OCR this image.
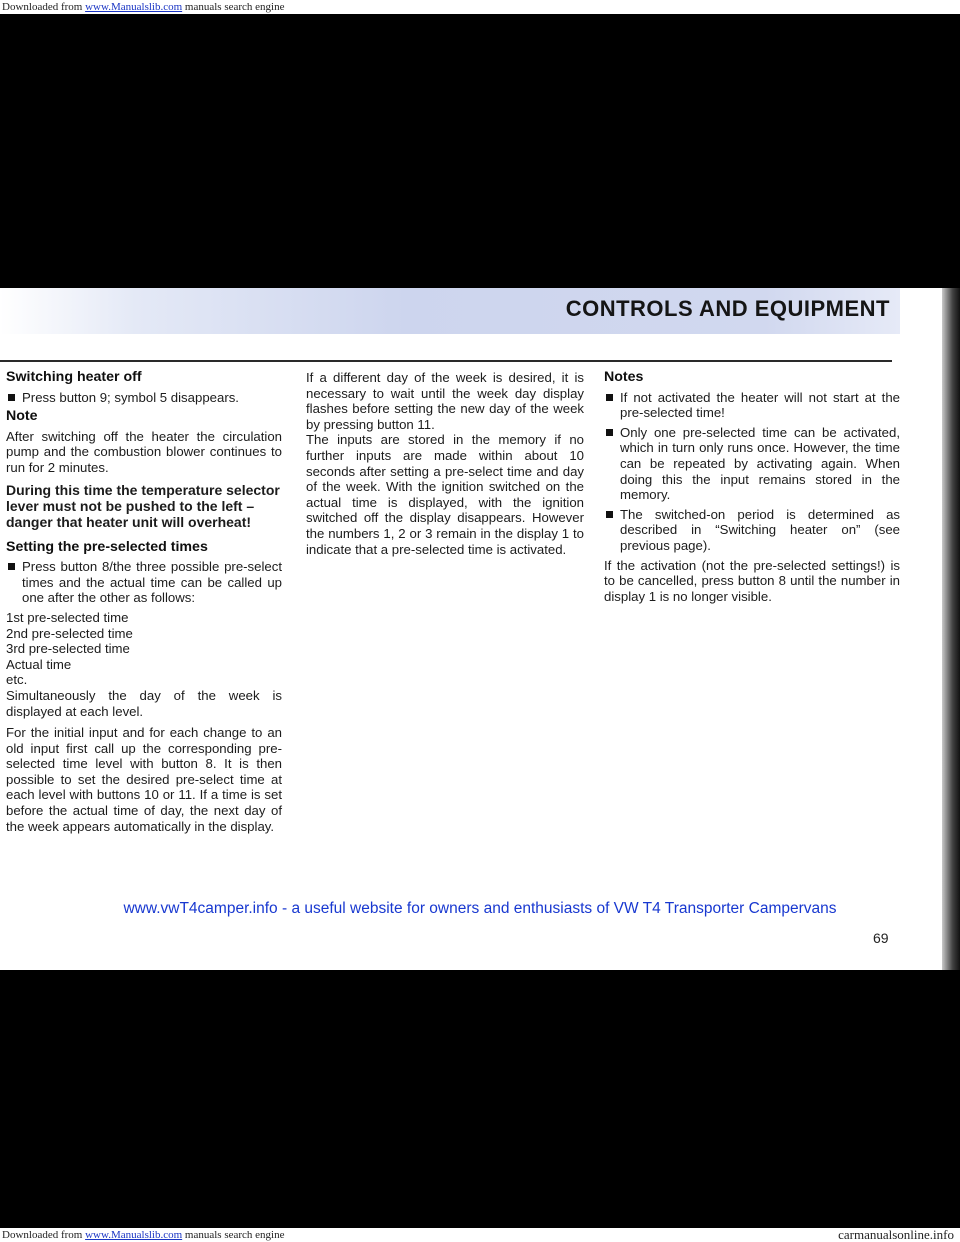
Downloaded from www.Manualslib.com manuals search engine
CONTROLS AND EQUIPMENT
Switching heater off
Press button 9; symbol 5 disappears.
Note
After switching off the heater the circulation pump and the combustion blower continues to run for 2 minutes.
During this time the temperature selector lever must not be pushed to the left – danger that heater unit will overheat!
Setting the pre-selected times
Press button 8/the three possible pre-select times and the actual time can be called up one after the other as follows:
1st pre-selected time
2nd pre-selected time
3rd pre-selected time
Actual time
etc.
Simultaneously the day of the week is displayed at each level.
For the initial input and for each change to an old input first call up the corresponding pre-selected time level with button 8. It is then possible to set the desired pre-select time at each level with buttons 10 or 11. If a time is set before the actual time of day, the next day of the week appears automatically in the display.
If a different day of the week is desired, it is necessary to wait until the week day display flashes before setting the new day of the week by pressing button 11.
The inputs are stored in the memory if no further inputs are made within about 10 seconds after setting a pre-select time and day of the week. With the ignition switched on the actual time is displayed, with the ignition switched off the display disappears. However the numbers 1, 2 or 3 remain in the display 1 to indicate that a pre-selected time is activated.
Notes
If not activated the heater will not start at the pre-selected time!
Only one pre-selected time can be activated, which in turn only runs once. However, the time can be repeated by activating again. When doing this the input remains stored in the memory.
The switched-on period is determined as described in “Switching heater on” (see previous page).
If the activation (not the pre-selected settings!) is to be cancelled, press button 8 until the number in display 1 is no longer visible.
www.vwT4camper.info - a useful website for owners and enthusiasts of VW T4 Transporter Campervans
69
Downloaded from www.Manualslib.com manuals search engine	carmanualsonline.info
